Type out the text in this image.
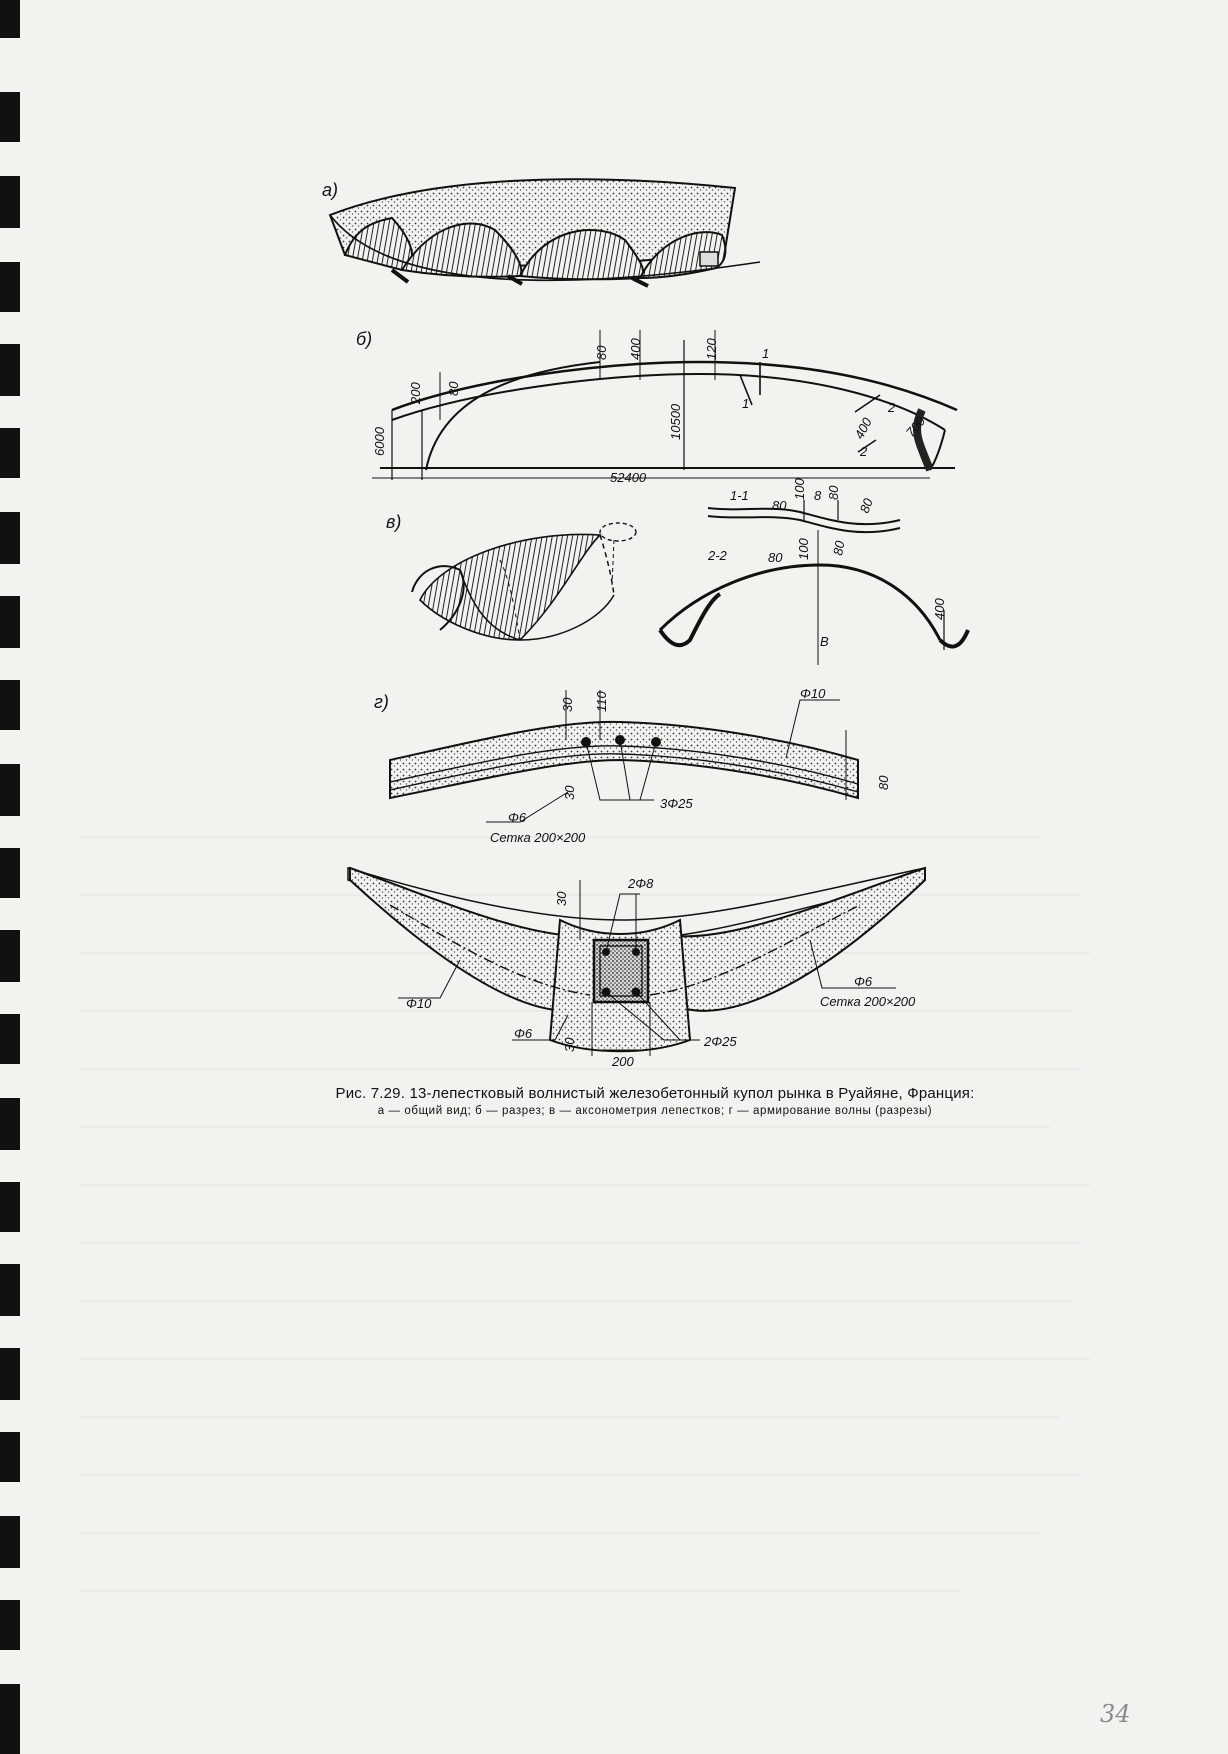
а)
б)
80 400	120
200 80
6000
10500
52400
400 700
1
1	2
2
в)
1-1
2-2
80
100 8 80
80
80 100 80
400
В
г)	30 110	Φ10
80
30
Φ6
Сетка 200×200
3Φ25
30
2Φ8
Φ10
Φ6
Сетка 200×200
Φ6
30
200
2Φ25
Рис. 7.29. 13-лепестковый волнистый железобетонный купол рынка в Руайяне, Франция:
а — общий вид; б — разрез; в — аксонометрия лепестков; г — армирование волны (разрезы)
34
